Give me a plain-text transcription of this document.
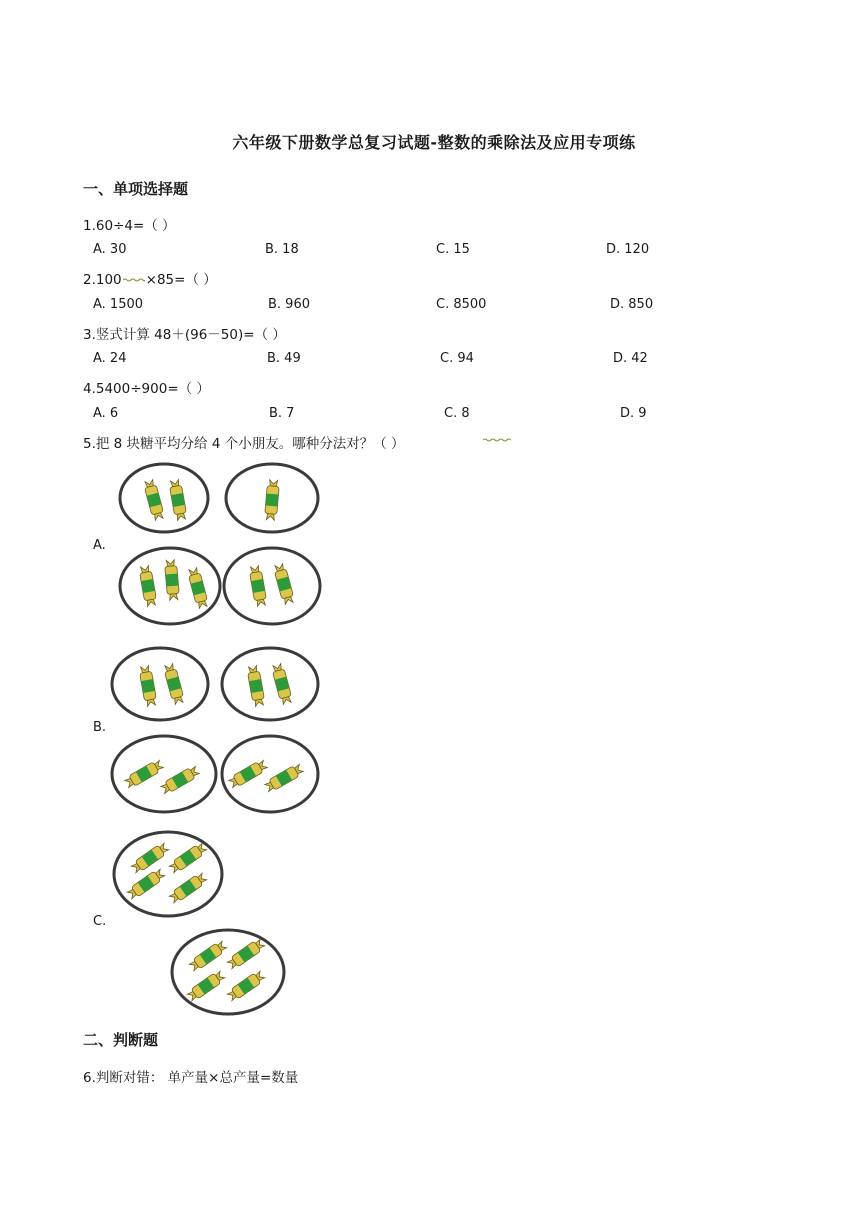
六年级下册数学总复习试题-整数的乘除法及应用专项练
一、单项选择题
1.60÷4=（ ）
A. 30	B. 18	C. 15	D. 120
2.100 ×85=（ ）
A. 1500	B. 960	C. 8500	D. 850
3.竖式计算 48＋(96－50)=（ ）
A. 24	B. 49	C. 94	D. 42
4.5400÷900=（ ）
A. 6	B. 7	C. 8	D. 9
5.把 8 块糖平均分给 4 个小朋友。哪种分法对？（ ）
A.
B.
C.
二、判断题
6.判断对错： 单产量×总产量=数量
